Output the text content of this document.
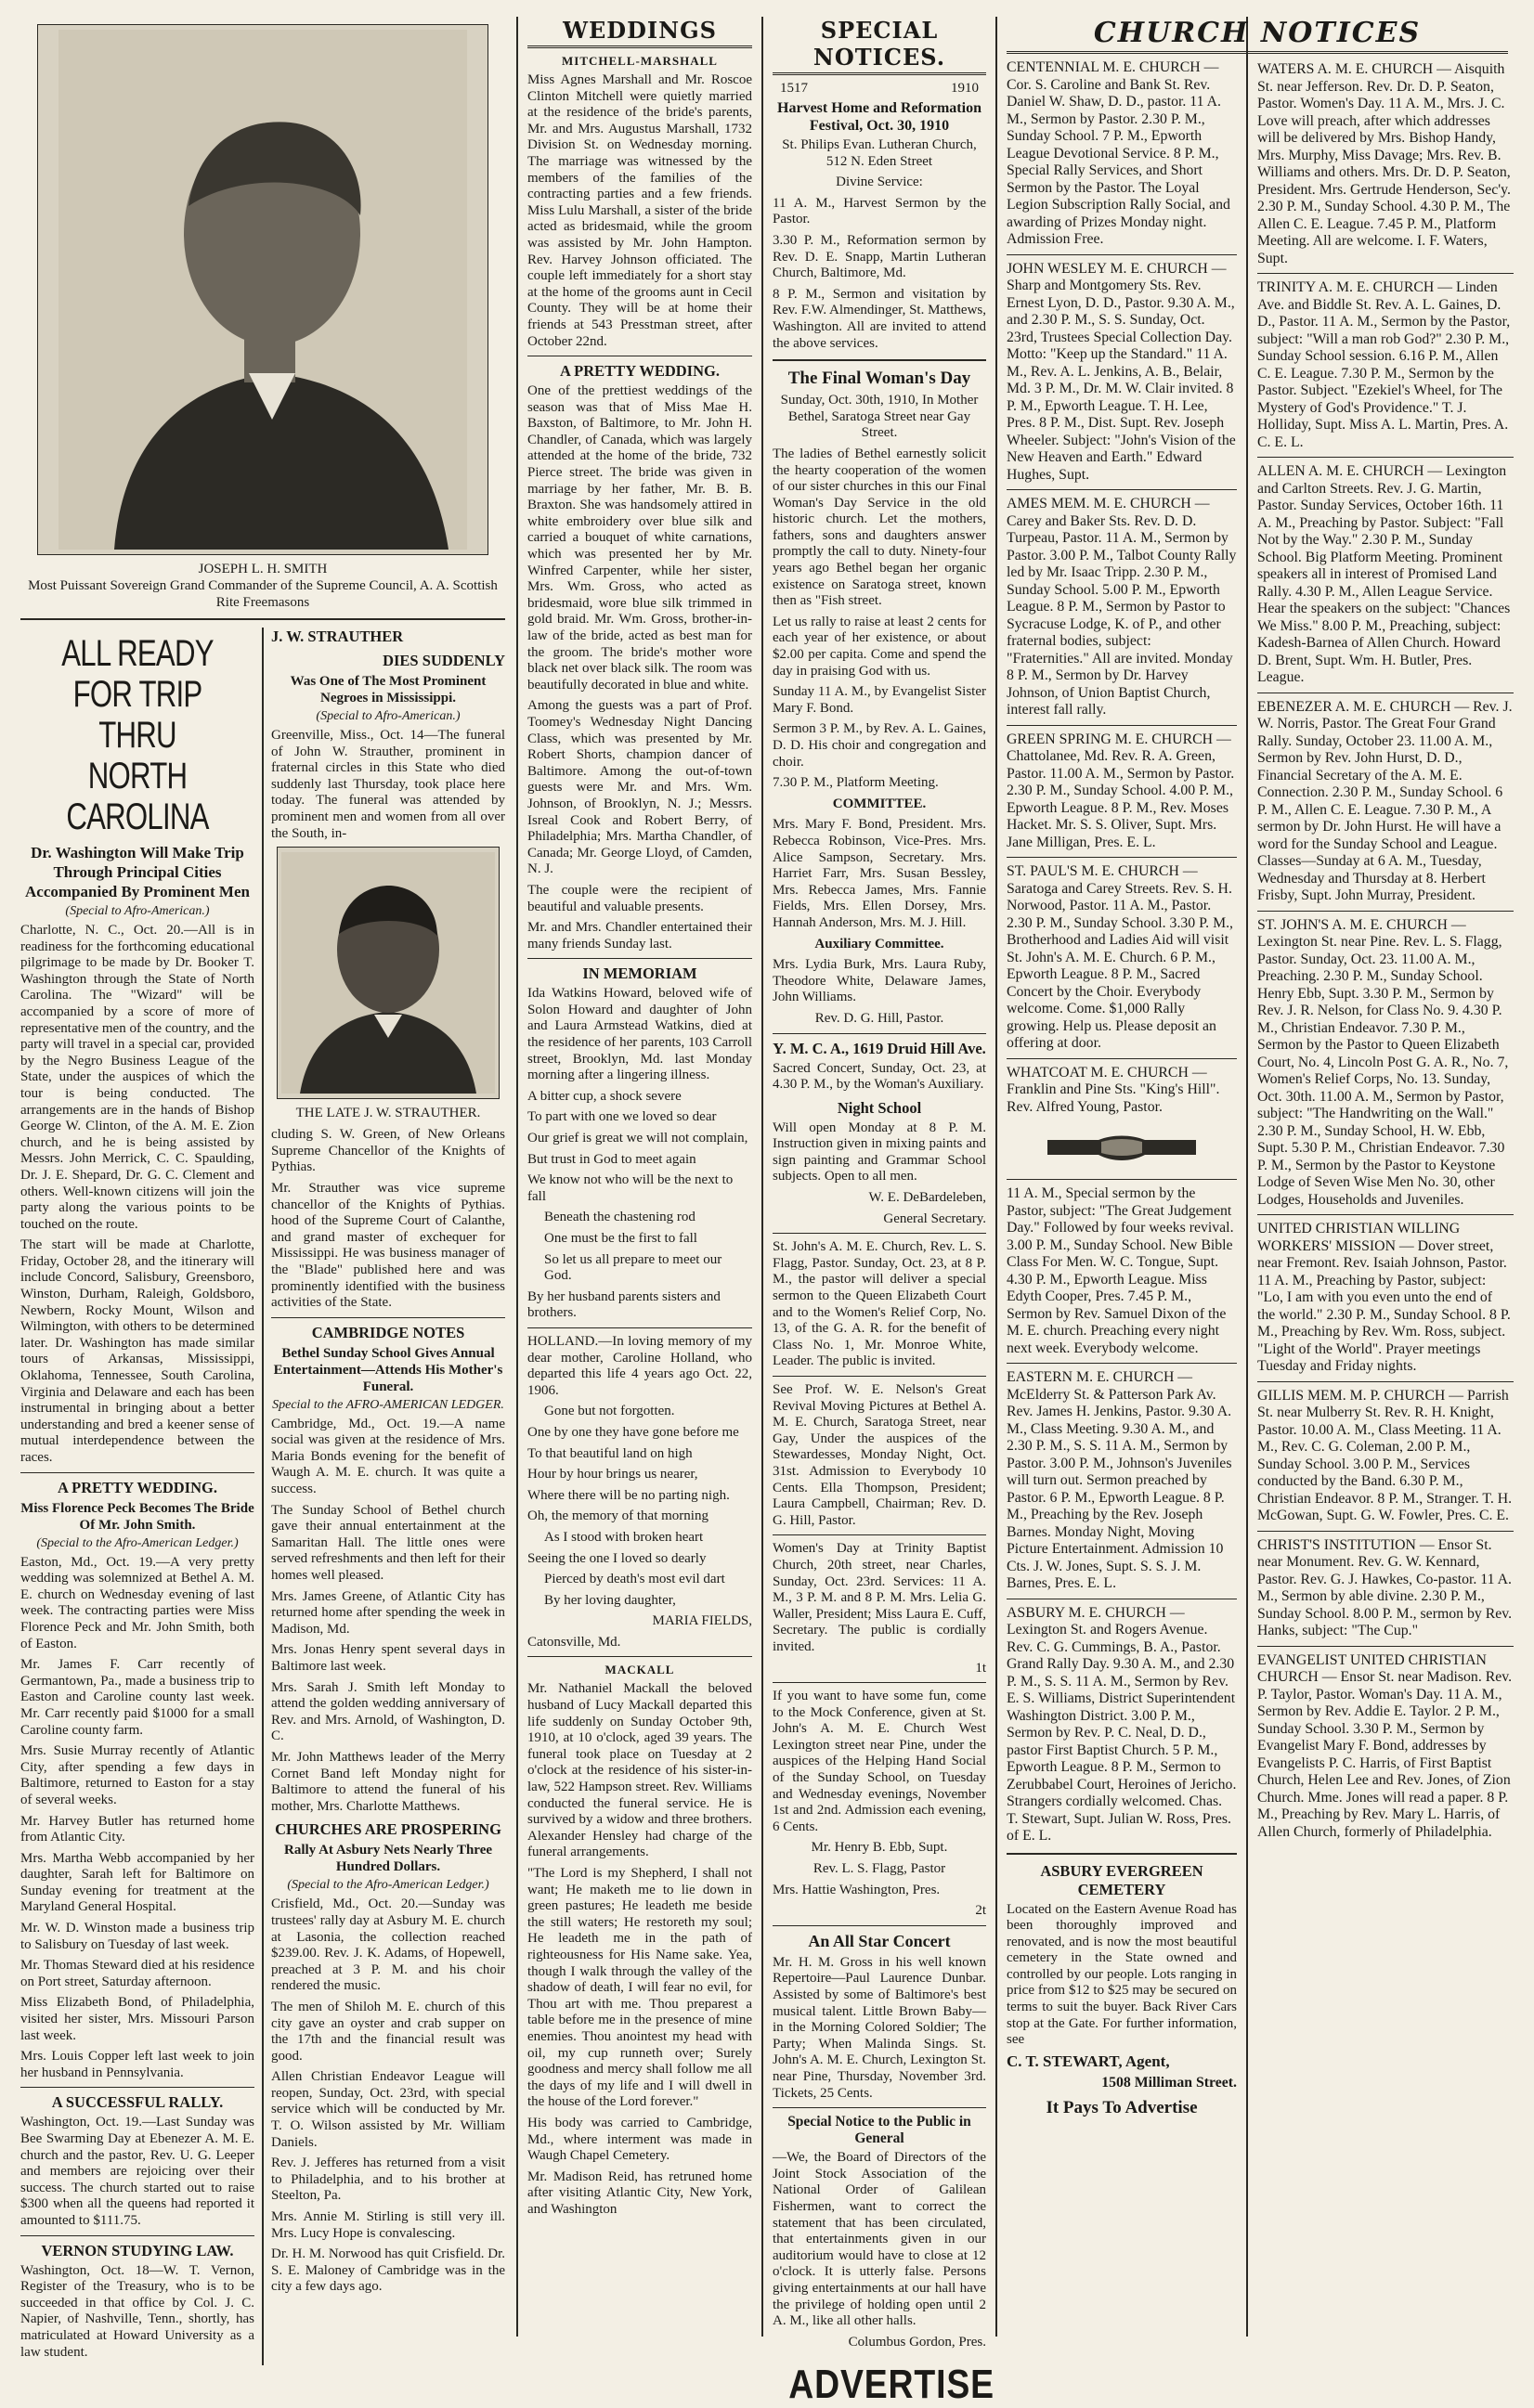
JOSEPH L. H. SMITH
Most Puissant Sovereign Grand Commander of the Supreme Council, A. A. Scottish Rite Freemasons
ALL READY FOR TRIP THRU NORTH CAROLINA
Dr. Washington Will Make Trip Through Principal Cities Accompanied By Prominent Men
(Special to Afro-American.)

Charlotte, N. C., Oct. 20.—All is in readiness for the forthcoming educational pilgrimage to be made by Dr. Booker T. Washington through the State of North Carolina. The "Wizard" will be accompanied by a score of more of representative men of the country, and the party will travel in a special car, provided by the Negro Business League of the State, under the auspices of which the tour is being conducted. The arrangements are in the hands of Bishop George W. Clinton, of the A. M. E. Zion church, and he is being assisted by Messrs. John Merrick, C. C. Spaulding, Dr. J. E. Shepard, Dr. G. C. Clement and others. Well-known citizens will join the party along the various points to be touched on the route.

The start will be made at Charlotte, Friday, October 28, and the itinerary will include Concord, Salisbury, Greensboro, Winston, Durham, Raleigh, Goldsboro, Newbern, Rocky Mount, Wilson and Wilmington, with others to be determined later. Dr. Washington has made similar tours of Arkansas, Mississippi, Oklahoma, Tennessee, South Carolina, Virginia and Delaware and each has been instrumental in bringing about a better understanding and bred a keener sense of mutual interdependence between the races.

A PRETTY WEDDING.
Miss Florence Peck Becomes The Bride Of Mr. John Smith.
(Special to the Afro-American Ledger.)

Easton, Md., Oct. 19.—A very pretty wedding was solemnized at Bethel A. M. E. church on Wednesday evening of last week. The contracting parties were Miss Florence Peck and Mr. John Smith, both of Easton.

Mr. James F. Carr recently of Germantown, Pa., made a business trip to Easton and Caroline county last week. Mr. Carr recently paid $1000 for a small Caroline county farm.

Mrs. Susie Murray recently of Atlantic City, after spending a few days in Baltimore, returned to Easton for a stay of several weeks.

Mr. Harvey Butler has returned home from Atlantic City.

Mrs. Martha Webb accompanied by her daughter, Sarah left for Baltimore on Sunday evening for treatment at the Maryland General Hospital.

Mr. W. D. Winston made a business trip to Salisbury on Tuesday of last week.

Mr. Thomas Steward died at his residence on Port street, Saturday afternoon.

Miss Elizabeth Bond, of Philadelphia, visited her sister, Mrs. Missouri Parson last week.

Mrs. Louis Copper left last week to join her husband in Pennsylvania.

A SUCCESSFUL RALLY.

Washington, Oct. 19.—Last Sunday was Bee Swarming Day at Ebenezer A. M. E. church and the pastor, Rev. U. G. Leeper and members are rejoicing over their success. The church started out to raise $300 when all the queens had reported it amounted to $111.75.

VERNON STUDYING LAW.

Washington, Oct. 18—W. T. Vernon, Register of the Treasury, who is to be succeeded in that office by Col. J. C. Napier, of Nashville, Tenn., shortly, has matriculated at Howard University as a law student.

J. W. STRAUTHER
DIES SUDDENLY
Was One of The Most Prominent Negroes in Mississippi.
(Special to Afro-American.)

Greenville, Miss., Oct. 14—The funeral of John W. Strauther, prominent in fraternal circles in this State who died suddenly last Thursday, took place here today. The funeral was attended by prominent men and women from all over the South, in-

THE LATE J. W. STRAUTHER.

cluding S. W. Green, of New Orleans Supreme Chancellor of the Knights of Pythias.

Mr. Strauther was vice supreme chancellor of the Knights of Pythias. hood of the Supreme Court of Calanthe, and grand master of exchequer for Mississippi. He was business manager of the "Blade" published here and was prominently identified with the business activities of the State.

CAMBRIDGE NOTES
Bethel Sunday School Gives Annual Entertainment—Attends His Mother's Funeral.
Special to the AFRO-AMERICAN LEDGER.

Cambridge, Md., Oct. 19.—A name social was given at the residence of Mrs. Maria Bonds evening for the benefit of Waugh A. M. E. church. It was quite a success.

The Sunday School of Bethel church gave their annual entertainment at the Samaritan Hall. The little ones were served refreshments and then left for their homes well pleased.

Mrs. James Greene, of Atlantic City has returned home after spending the week in Madison, Md.

Mrs. Jonas Henry spent several days in Baltimore last week.

Mrs. Sarah J. Smith left Monday to attend the golden wedding anniversary of Rev. and Mrs. Arnold, of Washington, D. C.

Mr. John Matthews leader of the Merry Cornet Band left Monday night for Baltimore to attend the funeral of his mother, Mrs. Charlotte Matthews.

CHURCHES ARE PROSPERING
Rally At Asbury Nets Nearly Three Hundred Dollars.
(Special to the Afro-American Ledger.)

Crisfield, Md., Oct. 20.—Sunday was trustees' rally day at Asbury M. E. church at Lasonia, the collection reached $239.00. Rev. J. K. Adams, of Hopewell, preached at 3 P. M. and his choir rendered the music.

The men of Shiloh M. E. church of this city gave an oyster and crab supper on the 17th and the financial result was good.

Allen Christian Endeavor League will reopen, Sunday, Oct. 23rd, with special service which will be conducted by Mr. T. O. Wilson assisted by Mr. William Daniels.

Rev. J. Jefferes has returned from a visit to Philadelphia, and to his brother at Steelton, Pa.

Mrs. Annie M. Stirling is still very ill. Mrs. Lucy Hope is convalescing.

Dr. H. M. Norwood has quit Crisfield. Dr. S. E. Maloney of Cambridge was in the city a few days ago.

WEDDINGS
MITCHELL-MARSHALL

Miss Agnes Marshall and Mr. Roscoe Clinton Mitchell were quietly married at the residence of the bride's parents, Mr. and Mrs. Augustus Marshall, 1732 Division St. on Wednesday morning. The marriage was witnessed by the members of the families of the contracting parties and a few friends. Miss Lulu Marshall, a sister of the bride acted as bridesmaid, while the groom was assisted by Mr. John Hampton. Rev. Harvey Johnson officiated. The couple left immediately for a short stay at the home of the grooms aunt in Cecil County. They will be at home their friends at 543 Presstman street, after October 22nd.

A PRETTY WEDDING.

One of the prettiest weddings of the season was that of Miss Mae H. Baxston, of Baltimore, to Mr. John H. Chandler, of Canada, which was largely attended at the home of the bride, 732 Pierce street. The bride was given in marriage by her father, Mr. B. B. Braxton. She was handsomely attired in white embroidery over blue silk and carried a bouquet of white carnations, which was presented her by Mr. Winfred Carpenter, while her sister, Mrs. Wm. Gross, who acted as bridesmaid, wore blue silk trimmed in gold braid. Mr. Wm. Gross, brother-in-law of the bride, acted as best man for the groom. The bride's mother wore black net over black silk. The room was beautifully decorated in blue and white.

Among the guests was a part of Prof. Toomey's Wednesday Night Dancing Class, which was presented by Mr. Robert Shorts, champion dancer of Baltimore. Among the out-of-town guests were Mr. and Mrs. Wm. Johnson, of Brooklyn, N. J.; Messrs. Isreal Cook and Robert Berry, of Philadelphia; Mrs. Martha Chandler, of Canada; Mr. George Lloyd, of Camden, N. J.

The couple were the recipient of beautiful and valuable presents.

Mr. and Mrs. Chandler entertained their many friends Sunday last.

IN MEMORIAM

Ida Watkins Howard, beloved wife of Solon Howard and daughter of John and Laura Armstead Watkins, died at the residence of her parents, 103 Carroll street, Brooklyn, Md. last Monday morning after a lingering illness.

A bitter cup, a shock severe

To part with one we loved so dear

Our grief is great we will not complain,

But trust in God to meet again

We know not who will be the next to fall

Beneath the chastening rod

One must be the first to fall

So let us all prepare to meet our God.

By her husband parents sisters and brothers.

HOLLAND.—In loving memory of my dear mother, Caroline Holland, who departed this life 4 years ago Oct. 22, 1906.

Gone but not forgotten.

One by one they have gone before me

To that beautiful land on high

Hour by hour brings us nearer,

Where there will be no parting nigh.

Oh, the memory of that morning

As I stood with broken heart

Seeing the one I loved so dearly

Pierced by death's most evil dart

By her loving daughter,

MARIA FIELDS,

Catonsville, Md.

MACKALL

Mr. Nathaniel Mackall the beloved husband of Lucy Mackall departed this life suddenly on Sunday October 9th, 1910, at 10 o'clock, aged 39 years. The funeral took place on Tuesday at 2 o'clock at the residence of his sister-in-law, 522 Hampson street. Rev. Williams conducted the funeral service. He is survived by a widow and three brothers. Alexander Hensley had charge of the funeral arrangements.

"The Lord is my Shepherd, I shall not want; He maketh me to lie down in green pastures; He leadeth me beside the still waters; He restoreth my soul; He leadeth me in the path of righteousness for His Name sake. Yea, though I walk through the valley of the shadow of death, I will fear no evil, for Thou art with me. Thou preparest a table before me in the presence of mine enemies. Thou anointest my head with oil, my cup runneth over; Surely goodness and mercy shall follow me all the days of my life and I will dwell in the house of the Lord forever."

His body was carried to Cambridge, Md., where interment was made in Waugh Chapel Cemetery.

Mr. Madison Reid, has retruned home after visiting Atlantic City, New York, and Washington

SPECIAL NOTICES.
1517	1910
Harvest Home and Reformation Festival, Oct. 30, 1910

St. Philips Evan. Lutheran Church, 512 N. Eden Street

Divine Service:

11 A. M., Harvest Sermon by the Pastor.

3.30 P. M., Reformation sermon by Rev. D. E. Snapp, Martin Lutheran Church, Baltimore, Md.

8 P. M., Sermon and visitation by Rev. F.W. Almendinger, St. Matthews, Washington. All are invited to attend the above services.

The Final Woman's Day

Sunday, Oct. 30th, 1910, In Mother Bethel, Saratoga Street near Gay Street.

The ladies of Bethel earnestly solicit the hearty cooperation of the women of our sister churches in this our Final Woman's Day Service in the old historic church. Let the mothers, fathers, sons and daughters answer promptly the call to duty. Ninety-four years ago Bethel began her organic existence on Saratoga street, known then as "Fish street.

Let us rally to raise at least 2 cents for each year of her existence, or about $2.00 per capita. Come and spend the day in praising God with us.

Sunday 11 A. M., by Evangelist Sister Mary F. Bond.

Sermon 3 P. M., by Rev. A. L. Gaines, D. D. His choir and congregation and choir.

7.30 P. M., Platform Meeting.

COMMITTEE.

Mrs. Mary F. Bond, President. Mrs. Rebecca Robinson, Vice-Pres. Mrs. Alice Sampson, Secretary. Mrs. Harriet Farr, Mrs. Susan Bessley, Mrs. Rebecca James, Mrs. Fannie Fields, Mrs. Ellen Dorsey, Mrs. Hannah Anderson, Mrs. M. J. Hill.

Auxiliary Committee.

Mrs. Lydia Burk, Mrs. Laura Ruby, Theodore White, Delaware James, John Williams.

Rev. D. G. Hill, Pastor.

Y. M. C. A., 1619 Druid Hill Ave.

Sacred Concert, Sunday, Oct. 23, at 4.30 P. M., by the Woman's Auxiliary.

Night School

Will open Monday at 8 P. M. Instruction given in mixing paints and sign painting and Grammar School subjects. Open to all men.

W. E. DeBardeleben,

General Secretary.

St. John's A. M. E. Church, Rev. L. S. Flagg, Pastor. Sunday, Oct. 23, at 8 P. M., the pastor will deliver a special sermon to the Queen Elizabeth Court and to the Women's Relief Corp, No. 13, of the G. A. R. for the benefit of Class No. 1, Mr. Monroe White, Leader. The public is invited.

See Prof. W. E. Nelson's Great Revival Moving Pictures at Bethel A. M. E. Church, Saratoga Street, near Gay, Under the auspices of the Stewardesses, Monday Night, Oct. 31st. Admission to Everybody 10 Cents. Ella Thompson, President; Laura Campbell, Chairman; Rev. D. G. Hill, Pastor.

Women's Day at Trinity Baptist Church, 20th street, near Charles, Sunday, Oct. 23rd. Services: 11 A. M., 3 P. M. and 8 P. M. Mrs. Lelia G. Waller, President; Miss Laura E. Cuff, Secretary. The public is cordially invited.

1t

If you want to have some fun, come to the Mock Conference, given at St. John's A. M. E. Church West Lexington street near Pine, under the auspices of the Helping Hand Social of the Sunday School, on Tuesday and Wednesday evenings, November 1st and 2nd. Admission each evening, 6 Cents.

Mr. Henry B. Ebb, Supt.

Rev. L. S. Flagg, Pastor

Mrs. Hattie Washington, Pres.

2t

An All Star Concert

Mr. H. M. Gross in his well known Repertoire—Paul Laurence Dunbar. Assisted by some of Baltimore's best musical talent. Little Brown Baby—in the Morning Colored Soldier; The Party; When Malinda Sings. St. John's A. M. E. Church, Lexington St. near Pine, Thursday, November 3rd. Tickets, 25 Cents.

Special Notice to the Public in General

—We, the Board of Directors of the Joint Stock Association of the National Order of Galilean Fishermen, want to correct the statement that has been circulated, that entertainments given in our auditorium would have to close at 12 o'clock. It is utterly false. Persons giving entertainments at our hall have the privilege of holding open until 2 A. M., like all other halls.

Columbus Gordon, Pres.

ADVERTISE
CHURCH NOTICES

CENTENNIAL M. E. CHURCH — Cor. S. Caroline and Bank St. Rev. Daniel W. Shaw, D. D., pastor. 11 A. M., Sermon by Pastor. 2.30 P. M., Sunday School. 7 P. M., Epworth League Devotional Service. 8 P. M., Special Rally Services, and Short Sermon by the Pastor. The Loyal Legion Subscription Rally Social, and awarding of Prizes Monday night. Admission Free.

JOHN WESLEY M. E. CHURCH — Sharp and Montgomery Sts. Rev. Ernest Lyon, D. D., Pastor. 9.30 A. M., and 2.30 P. M., S. S. Sunday, Oct. 23rd, Trustees Special Collection Day. Motto: "Keep up the Standard." 11 A. M., Rev. A. L. Jenkins, A. B., Belair, Md. 3 P. M., Dr. M. W. Clair invited. 8 P. M., Epworth League. T. H. Lee, Pres. 8 P. M., Dist. Supt. Rev. Joseph Wheeler. Subject: "John's Vision of the New Heaven and Earth." Edward Hughes, Supt.

AMES MEM. M. E. CHURCH — Carey and Baker Sts. Rev. D. D. Turpeau, Pastor. 11 A. M., Sermon by Pastor. 3.00 P. M., Talbot County Rally led by Mr. Isaac Tripp. 2.30 P. M., Sunday School. 5.00 P. M., Epworth League. 8 P. M., Sermon by Pastor to Sycracuse Lodge, K. of P., and other fraternal bodies, subject: "Fraternities." All are invited. Monday 8 P. M., Sermon by Dr. Harvey Johnson, of Union Baptist Church, interest fall rally.

GREEN SPRING M. E. CHURCH — Chattolanee, Md. Rev. R. A. Green, Pastor. 11.00 A. M., Sermon by Pastor. 2.30 P. M., Sunday School. 4.00 P. M., Epworth League. 8 P. M., Rev. Moses Hacket. Mr. S. S. Oliver, Supt. Mrs. Jane Milligan, Pres. E. L.

ST. PAUL'S M. E. CHURCH — Saratoga and Carey Streets. Rev. S. H. Norwood, Pastor. 11 A. M., Pastor. 2.30 P. M., Sunday School. 3.30 P. M., Brotherhood and Ladies Aid will visit St. John's A. M. E. Church. 6 P. M., Epworth League. 8 P. M., Sacred Concert by the Choir. Everybody welcome. Come. $1,000 Rally growing. Help us. Please deposit an offering at door.

WHATCOAT M. E. CHURCH — Franklin and Pine Sts. "King's Hill". Rev. Alfred Young, Pastor.

11 A. M., Special sermon by the Pastor, subject: "The Great Judgement Day." Followed by four weeks revival. 3.00 P. M., Sunday School. New Bible Class For Men. W. C. Tongue, Supt. 4.30 P. M., Epworth League. Miss Edyth Cooper, Pres. 7.45 P. M., Sermon by Rev. Samuel Dixon of the M. E. church. Preaching every night next week. Everybody welcome.

EASTERN M. E. CHURCH — McElderry St. & Patterson Park Av. Rev. James H. Jenkins, Pastor. 9.30 A. M., Class Meeting. 9.30 A. M., and 2.30 P. M., S. S. 11 A. M., Sermon by Pastor. 3.00 P. M., Johnson's Juveniles will turn out. Sermon preached by Pastor. 6 P. M., Epworth League. 8 P. M., Preaching by the Rev. Joseph Barnes. Monday Night, Moving Picture Entertainment. Admission 10 Cts. J. W. Jones, Supt. S. S. J. M. Barnes, Pres. E. L.

ASBURY M. E. CHURCH — Lexington St. and Rogers Avenue. Rev. C. G. Cummings, B. A., Pastor. Grand Rally Day. 9.30 A. M., and 2.30 P. M., S. S. 11 A. M., Sermon by Rev. E. S. Williams, District Superintendent Washington District. 3.00 P. M., Sermon by Rev. P. C. Neal, D. D., pastor First Baptist Church. 5 P. M., Epworth League. 8 P. M., Sermon to Zerubbabel Court, Heroines of Jericho. Strangers cordially welcomed. Chas. T. Stewart, Supt. Julian W. Ross, Pres. of E. L.

ASBURY EVERGREEN CEMETERY

Located on the Eastern Avenue Road has been thoroughly improved and renovated, and is now the most beautiful cemetery in the State owned and controlled by our people. Lots ranging in price from $12 to $25 may be secured on terms to suit the buyer. Back River Cars stop at the Gate. For further information, see

C. T. STEWART, Agent,

1508 Milliman Street.

It Pays To Advertise

WATERS A. M. E. CHURCH — Aisquith St. near Jefferson. Rev. Dr. D. P. Seaton, Pastor. Women's Day. 11 A. M., Mrs. J. C. Love will preach, after which addresses will be delivered by Mrs. Bishop Handy, Mrs. Murphy, Miss Davage; Mrs. Rev. B. Williams and others. Mrs. Dr. D. P. Seaton, President. Mrs. Gertrude Henderson, Sec'y. 2.30 P. M., Sunday School. 4.30 P. M., The Allen C. E. League. 7.45 P. M., Platform Meeting. All are welcome. I. F. Waters, Supt.

TRINITY A. M. E. CHURCH — Linden Ave. and Biddle St. Rev. A. L. Gaines, D. D., Pastor. 11 A. M., Sermon by the Pastor, subject: "Will a man rob God?" 2.30 P. M., Sunday School session. 6.16 P. M., Allen C. E. League. 7.30 P. M., Sermon by the Pastor. Subject. "Ezekiel's Wheel, for The Mystery of God's Providence." T. J. Holliday, Supt. Miss A. L. Martin, Pres. A. C. E. L.

ALLEN A. M. E. CHURCH — Lexington and Carlton Streets. Rev. J. G. Martin, Pastor. Sunday Services, October 16th. 11 A. M., Preaching by Pastor. Subject: "Fall Not by the Way." 2.30 P. M., Sunday School. Big Platform Meeting. Prominent speakers all in interest of Promised Land Rally. 4.30 P. M., Allen League Service. Hear the speakers on the subject: "Chances We Miss." 8.00 P. M., Preaching, subject: Kadesh-Barnea of Allen Church. Howard D. Brent, Supt. Wm. H. Butler, Pres. League.

EBENEZER A. M. E. CHURCH — Rev. J. W. Norris, Pastor. The Great Four Grand Rally. Sunday, October 23. 11.00 A. M., Sermon by Rev. John Hurst, D. D., Financial Secretary of the A. M. E. Connection. 2.30 P. M., Sunday School. 6 P. M., Allen C. E. League. 7.30 P. M., A sermon by Dr. John Hurst. He will have a word for the Sunday School and League. Classes—Sunday at 6 A. M., Tuesday, Wednesday and Thursday at 8. Herbert Frisby, Supt. John Murray, President.

ST. JOHN'S A. M. E. CHURCH — Lexington St. near Pine. Rev. L. S. Flagg, Pastor. Sunday, Oct. 23. 11.00 A. M., Preaching. 2.30 P. M., Sunday School. Henry Ebb, Supt. 3.30 P. M., Sermon by Rev. J. R. Nelson, for Class No. 9. 4.30 P. M., Christian Endeavor. 7.30 P. M., Sermon by the Pastor to Queen Elizabeth Court, No. 4, Lincoln Post G. A. R., No. 7, Women's Relief Corps, No. 13. Sunday, Oct. 30th. 11.00 A. M., Sermon by Pastor, subject: "The Handwriting on the Wall." 2.30 P. M., Sunday School, H. W. Ebb, Supt. 5.30 P. M., Christian Endeavor. 7.30 P. M., Sermon by the Pastor to Keystone Lodge of Seven Wise Men No. 30, other Lodges, Households and Juveniles.

UNITED CHRISTIAN WILLING WORKERS' MISSION — Dover street, near Fremont. Rev. Isaiah Johnson, Pastor. 11 A. M., Preaching by Pastor, subject: "Lo, I am with you even unto the end of the world." 2.30 P. M., Sunday School. 8 P. M., Preaching by Rev. Wm. Ross, subject. "Light of the World". Prayer meetings Tuesday and Friday nights.

GILLIS MEM. M. P. CHURCH — Parrish St. near Mulberry St. Rev. R. H. Knight, Pastor. 10.00 A. M., Class Meeting. 11 A. M., Rev. C. G. Coleman, 2.00 P. M., Sunday School. 3.00 P. M., Services conducted by the Band. 6.30 P. M., Christian Endeavor. 8 P. M., Stranger. T. H. McGowan, Supt. G. W. Fowler, Pres. C. E.

CHRIST'S INSTITUTION — Ensor St. near Monument. Rev. G. W. Kennard, Pastor. Rev. G. J. Hawkes, Co-pastor. 11 A. M., Sermon by able divine. 2.30 P. M., Sunday School. 8.00 P. M., sermon by Rev. Hanks, subject: "The Cup."

EVANGELIST UNITED CHRISTIAN CHURCH — Ensor St. near Madison. Rev. P. Taylor, Pastor. Woman's Day. 11 A. M., Sermon by Rev. Addie E. Taylor. 2 P. M., Sunday School. 3.30 P. M., Sermon by Evangelist Mary F. Bond, addresses by Evangelists P. C. Harris, of First Baptist Church, Helen Lee and Rev. Jones, of Zion Church. Mme. Jones will read a paper. 8 P. M., Preaching by Rev. Mary L. Harris, of Allen Church, formerly of Philadelphia.
